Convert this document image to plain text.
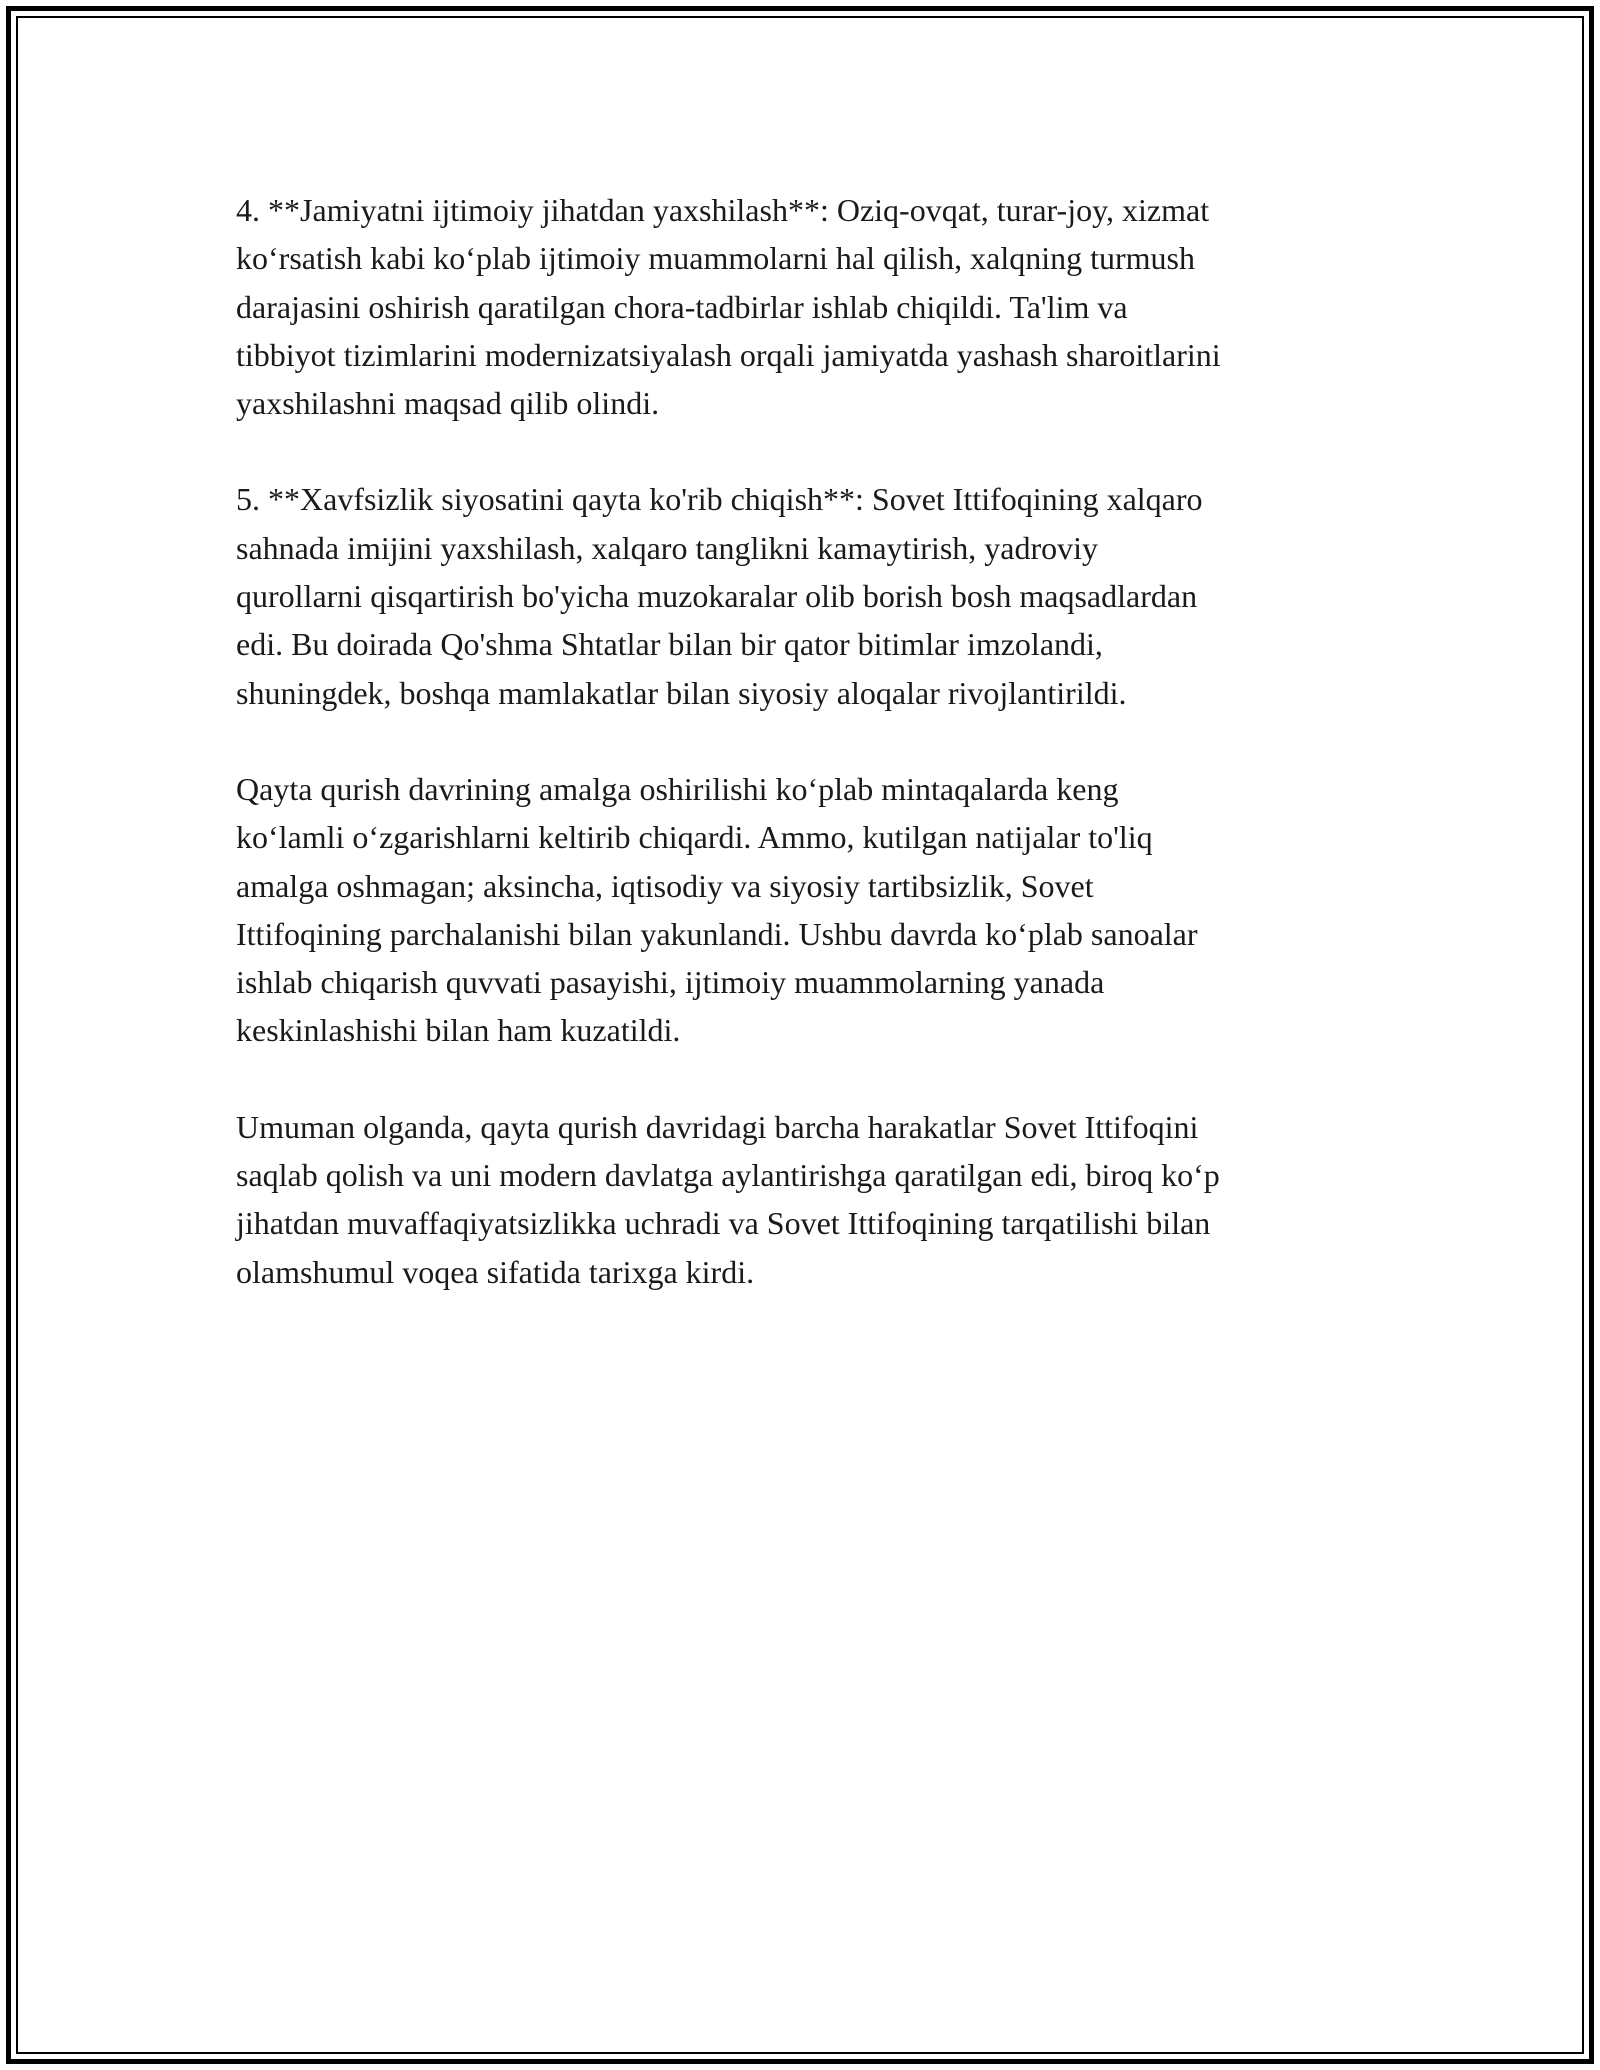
4. **Jamiyatni ijtimoiy jihatdan yaxshilash**: Oziq-ovqat, turar-joy, xizmat
ko‘rsatish kabi ko‘plab ijtimoiy muammolarni hal qilish, xalqning turmush
darajasini oshirish qaratilgan chora-tadbirlar ishlab chiqildi. Ta'lim va
tibbiyot tizimlarini modernizatsiyalash orqali jamiyatda yashash sharoitlarini
yaxshilashni maqsad qilib olindi.

5. **Xavfsizlik siyosatini qayta ko'rib chiqish**: Sovet Ittifoqining xalqaro
sahnada imijini yaxshilash, xalqaro tanglikni kamaytirish, yadroviy
qurollarni qisqartirish bo'yicha muzokaralar olib borish bosh maqsadlardan
edi. Bu doirada Qo'shma Shtatlar bilan bir qator bitimlar imzolandi,
shuningdek, boshqa mamlakatlar bilan siyosiy aloqalar rivojlantirildi.

Qayta qurish davrining amalga oshirilishi ko‘plab mintaqalarda keng
ko‘lamli o‘zgarishlarni keltirib chiqardi. Ammo, kutilgan natijalar to'liq
amalga oshmagan; aksincha, iqtisodiy va siyosiy tartibsizlik, Sovet
Ittifoqining parchalanishi bilan yakunlandi. Ushbu davrda ko‘plab sanoalar
ishlab chiqarish quvvati pasayishi, ijtimoiy muammolarning yanada
keskinlashishi bilan ham kuzatildi.

Umuman olganda, qayta qurish davridagi barcha harakatlar Sovet Ittifoqini
saqlab qolish va uni modern davlatga aylantirishga qaratilgan edi, biroq ko‘p
jihatdan muvaffaqiyatsizlikka uchradi va Sovet Ittifoqining tarqatilishi bilan
olamshumul voqea sifatida tarixga kirdi.
